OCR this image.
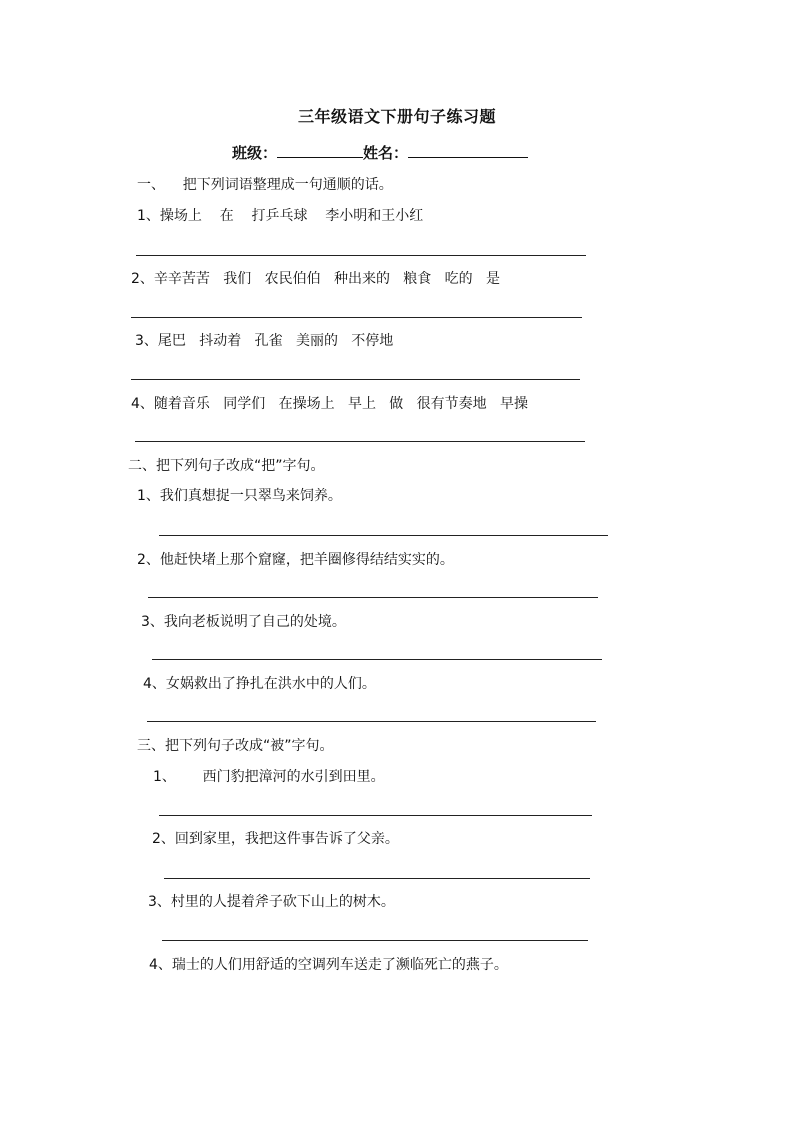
三年级语文下册句子练习题
班级：	姓名：
一、    把下列词语整理成一句通顺的话。
1、操场上    在    打乒乓球    李小明和王小红
2、辛辛苦苦   我们   农民伯伯   种出来的   粮食   吃的   是
3、尾巴   抖动着   孔雀   美丽的   不停地
4、随着音乐   同学们   在操场上   早上   做   很有节奏地   早操
二、把下列句子改成“把”字句。
1、我们真想捉一只翠鸟来饲养。
2、他赶快堵上那个窟窿，把羊圈修得结结实实的。
3、我向老板说明了自己的处境。
4、女娲救出了挣扎在洪水中的人们。
三、把下列句子改成“被”字句。
1、      西门豹把漳河的水引到田里。
2、回到家里，我把这件事告诉了父亲。
3、村里的人提着斧子砍下山上的树木。
4、瑞士的人们用舒适的空调列车送走了濒临死亡的燕子。
